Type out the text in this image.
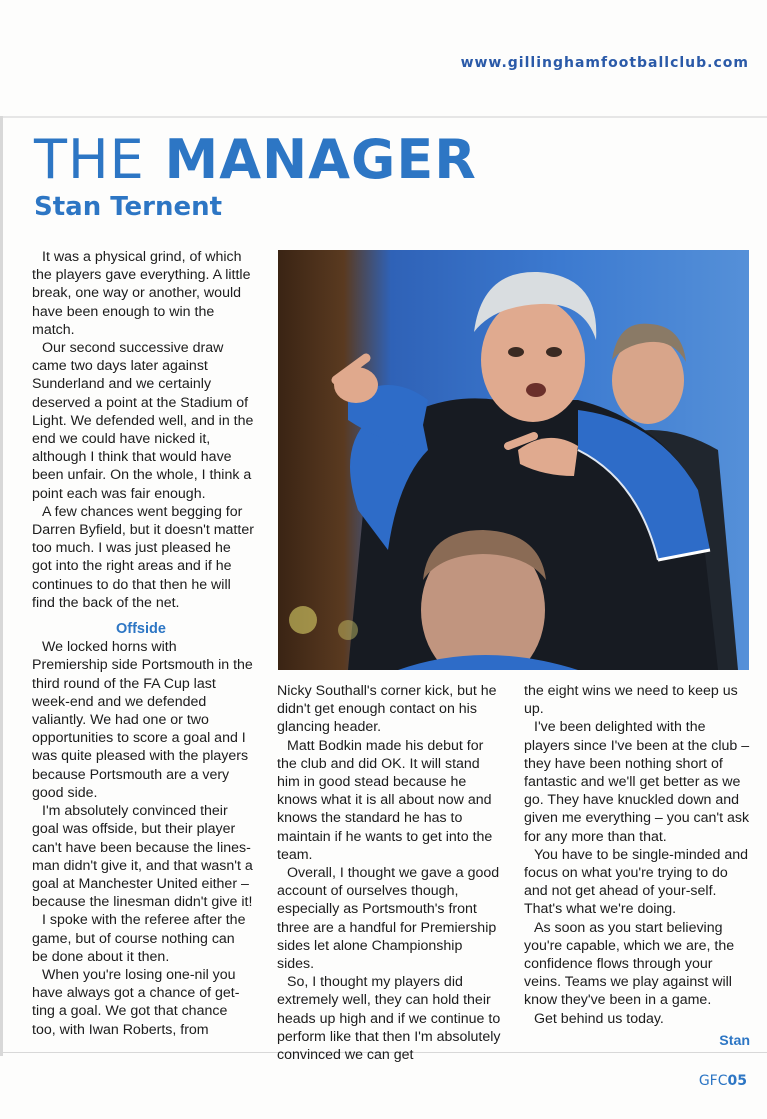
www.gillinghamfootballclub.com
THE MANAGER
Stan Ternent

It was a physical grind, of which the players gave everything. A little break, one way or another, would have been enough to win the match.

Our second successive draw came two days later against Sunderland and we certainly deserved a point at the Stadium of Light. We defended well, and in the end we could have nicked it, although I think that would have been unfair. On the whole, I think a point each was fair enough.

A few chances went begging for Darren Byfield, but it doesn't matter too much. I was just pleased he got into the right areas and if he continues to do that then he will find the back of the net.

Offside

We locked horns with Premiership side Portsmouth in the third round of the FA Cup last week-end and we defended valiantly. We had one or two opportunities to score a goal and I was quite pleased with the players because Portsmouth are a very good side.

I'm absolutely convinced their goal was offside, but their player can't have been because the lines-man didn't give it, and that wasn't a goal at Manchester United either – because the linesman didn't give it!

I spoke with the referee after the game, but of course nothing can be done about it then.

When you're losing one-nil you have always got a chance of get-ting a goal. We got that chance too, with Iwan Roberts, from

Nicky Southall's corner kick, but he didn't get enough contact on his glancing header.

Matt Bodkin made his debut for the club and did OK. It will stand him in good stead because he knows what it is all about now and knows the standard he has to maintain if he wants to get into the team.

Overall, I thought we gave a good account of ourselves though, especially as Portsmouth's front three are a handful for Premiership sides let alone Championship sides.

So, I thought my players did extremely well, they can hold their heads up high and if we continue to perform like that then I'm absolutely convinced we can get

the eight wins we need to keep us up.

I've been delighted with the players since I've been at the club – they have been nothing short of fantastic and we'll get better as we go. They have knuckled down and given me everything – you can't ask for any more than that.

You have to be single-minded and focus on what you're trying to do and not get ahead of your-self. That's what we're doing.

As soon as you start believing you're capable, which we are, the confidence flows through your veins. Teams we play against will know they've been in a game.

Get behind us today.

Stan

GFC05
